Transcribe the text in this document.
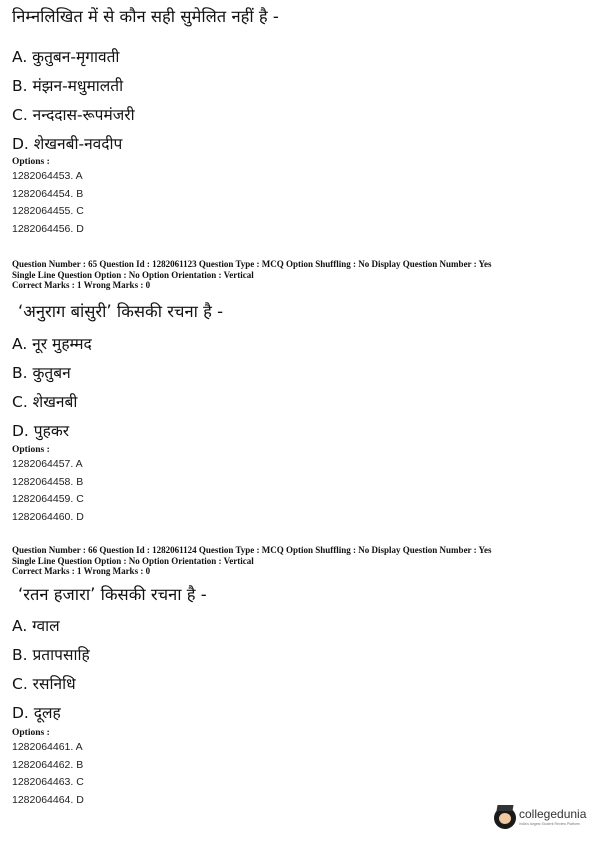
निम्नलिखित में से कौन सही सुमेलित नहीं है -

A. कुतुबन-मृगावती

B. मंझन-मधुमालती

C. नन्ददास-रूपमंजरी

D. शेखनबी-नवदीप

Options :

1282064453. A

1282064454. B

1282064455. C

1282064456. D

Question Number : 65 Question Id : 1282061123 Question Type : MCQ Option Shuffling : No Display Question Number : Yes

Single Line Question Option : No Option Orientation : Vertical

Correct Marks : 1 Wrong Marks : 0

‘अनुराग बांसुरी’ किसकी रचना है -

A. नूर मुहम्मद

B. कुतुबन

C. शेखनबी

D. पुहकर

Options :

1282064457. A

1282064458. B

1282064459. C

1282064460. D

Question Number : 66 Question Id : 1282061124 Question Type : MCQ Option Shuffling : No Display Question Number : Yes

Single Line Question Option : No Option Orientation : Vertical

Correct Marks : 1 Wrong Marks : 0

‘रतन हजारा’ किसकी रचना है -

A. ग्वाल

B. प्रतापसाहि

C. रसनिधि

D. दूलह

Options :

1282064461. A

1282064462. B

1282064463. C

1282064464. D

collegedunia
India's largest Student Review Platform
